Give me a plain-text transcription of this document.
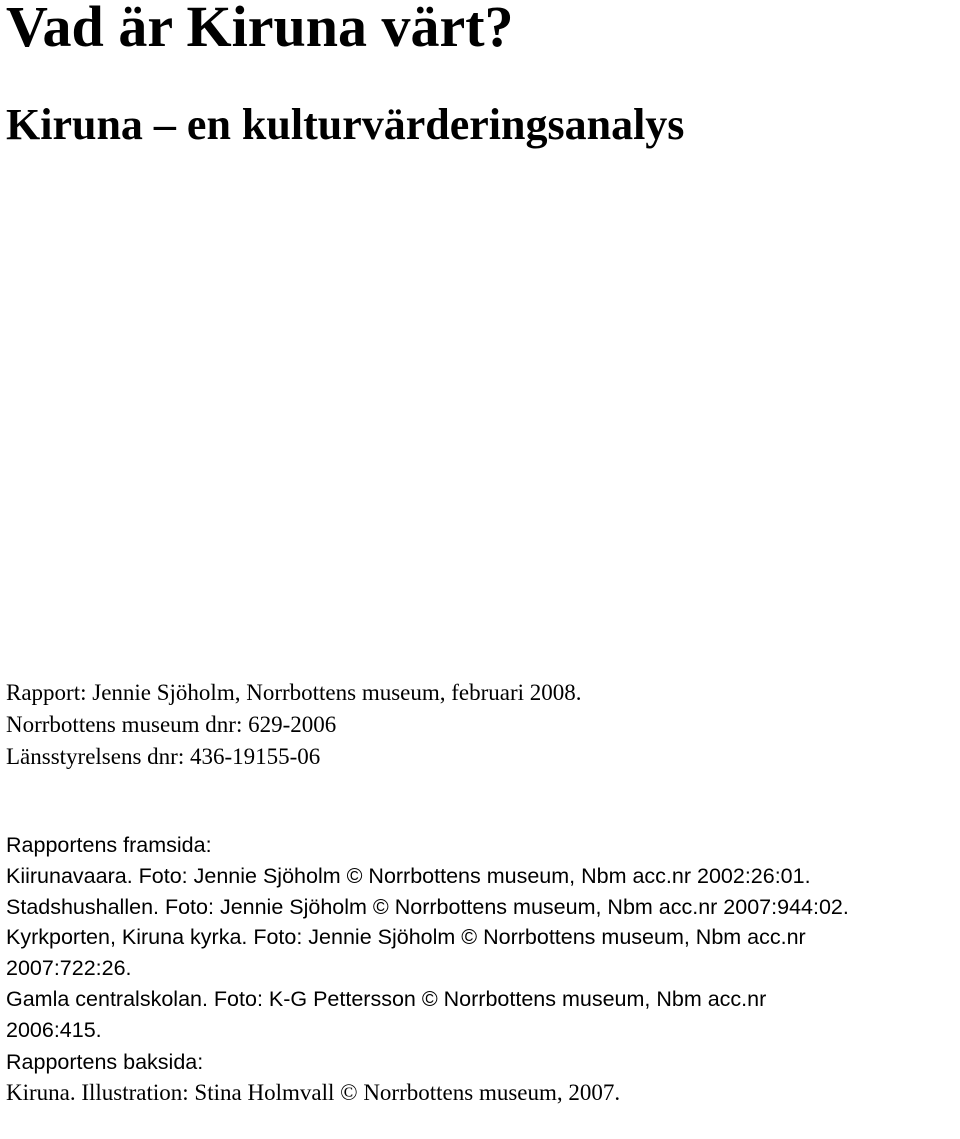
Vad är Kiruna värt?
Kiruna – en kulturvärderingsanalys
Rapport: Jennie Sjöholm, Norrbottens museum, februari 2008.
Norrbottens museum dnr: 629-2006
Länsstyrelsens dnr: 436-19155-06
Rapportens framsida:
Kiirunavaara. Foto: Jennie Sjöholm © Norrbottens museum, Nbm acc.nr 2002:26:01.
Stadshushallen. Foto: Jennie Sjöholm © Norrbottens museum, Nbm acc.nr 2007:944:02.
Kyrkporten, Kiruna kyrka. Foto: Jennie Sjöholm © Norrbottens museum, Nbm acc.nr
2007:722:26.
Gamla centralskolan. Foto: K-G Pettersson © Norrbottens museum, Nbm acc.nr
2006:415.
Rapportens baksida:
Kiruna. Illustration: Stina Holmvall © Norrbottens museum, 2007.
